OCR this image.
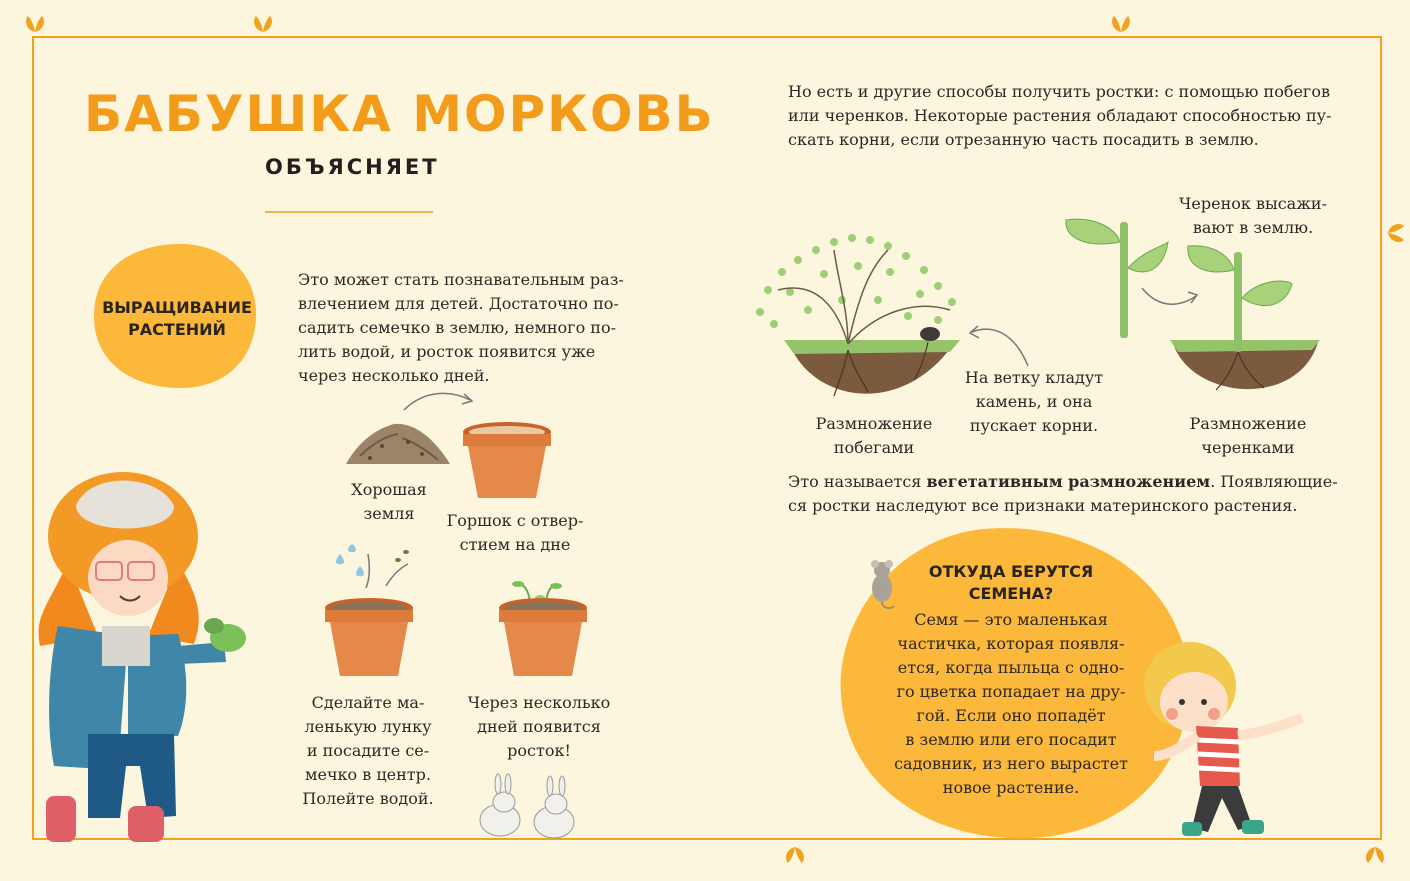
БАБУШКА МОРКОВЬ
ОБЪЯСНЯЕТ
ВЫРАЩИВАНИЕ
РАСТЕНИЙ
Это может стать познавательным раз-
влечением для детей. Достаточно по-
садить семечко в землю, немного по-
лить водой, и росток появится уже
через несколько дней.
Хорошая
земля	Горшок с отвер-
стием на дне
Сделайте ма-
ленькую лунку
и посадите се-
мечко в центр.
Полейте водой.
Через несколько
дней появится
росток!
Но есть и другие способы получить ростки: с помощью побегов
или черенков. Некоторые растения обладают способностью пу-
скать корни, если отрезанную часть посадить в землю.
Черенок высажи-
вают в землю.
Размножение
побегами
На ветку кладут
камень, и она
пускает корни.	Размножение
черенками
Это называется вегетативным размножением. Появляющие-
ся ростки наследуют все признаки материнского растения.
ОТКУДА БЕРУТСЯ
СЕМЕНА?
Семя — это маленькая
частичка, которая появля-
ется, когда пыльца с одно-
го цветка попадает на дру-
гой. Если оно попадёт
в землю или его посадит
садовник, из него вырастет
новое растение.
